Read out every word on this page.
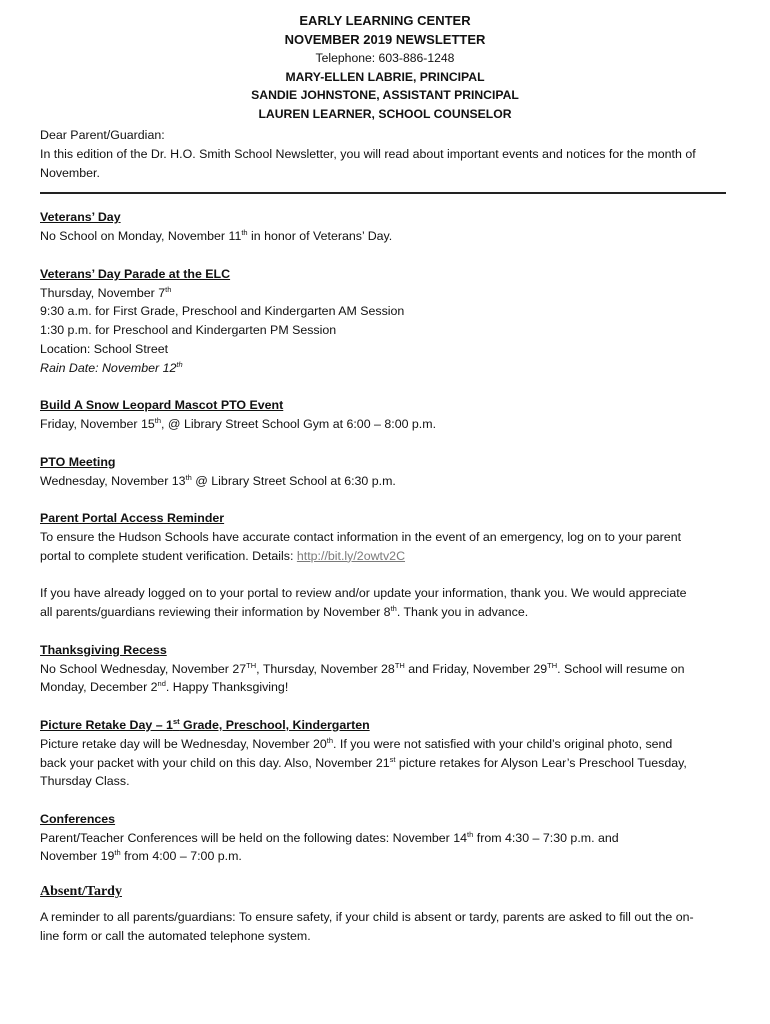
EARLY LEARNING CENTER
NOVEMBER 2019 NEWSLETTER
Telephone: 603-886-1248
MARY-ELLEN LABRIE, PRINCIPAL
SANDIE JOHNSTONE, ASSISTANT PRINCIPAL
LAUREN LEARNER, SCHOOL COUNSELOR

Dear Parent/Guardian:

In this edition of the Dr. H.O. Smith School Newsletter, you will read about important events and notices for the month of

November.

Veterans’ Day

No School on Monday, November 11th in honor of Veterans’ Day.

Veterans’ Day Parade at the ELC

Thursday, November 7th

9:30 a.m. for First Grade, Preschool and Kindergarten AM Session

1:30 p.m. for Preschool and Kindergarten PM Session

Location: School Street

Rain Date: November 12th

Build A Snow Leopard Mascot PTO Event

Friday, November 15th, @ Library Street School Gym at 6:00 – 8:00 p.m.

PTO Meeting

Wednesday, November 13th @ Library Street School at 6:30 p.m.

Parent Portal Access Reminder

To ensure the Hudson Schools have accurate contact information in the event of an emergency, log on to your parent

portal to complete student verification. Details: http://bit.ly/2owtv2C

If you have already logged on to your portal to review and/or update your information, thank you. We would appreciate

all parents/guardians reviewing their information by November 8th. Thank you in advance.

Thanksgiving Recess

No School Wednesday, November 27TH, Thursday, November 28TH and Friday, November 29TH. School will resume on

Monday, December 2nd. Happy Thanksgiving!

Picture Retake Day – 1st Grade, Preschool, Kindergarten

Picture retake day will be Wednesday, November 20th. If you were not satisfied with your child’s original photo, send

back your packet with your child on this day. Also, November 21st picture retakes for Alyson Lear’s Preschool Tuesday,

Thursday Class.

Conferences

Parent/Teacher Conferences will be held on the following dates: November 14th from 4:30 – 7:30 p.m. and

November 19th from 4:00 – 7:00 p.m.

Absent/Tardy

A reminder to all parents/guardians: To ensure safety, if your child is absent or tardy, parents are asked to fill out the on-

line form or call the automated telephone system.
